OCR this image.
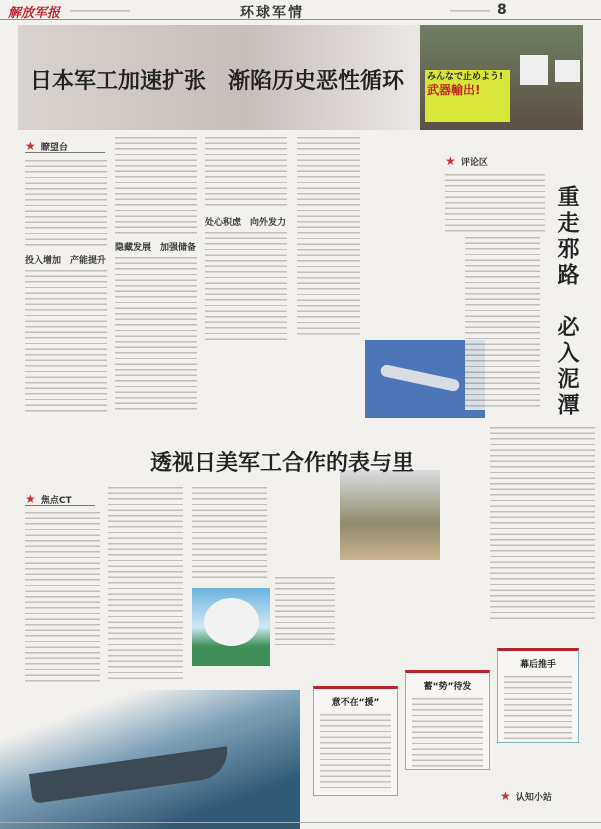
解放军报	环球军情	8
日本军工加速扩张　渐陷历史恶性循环	みんなで止めよう!
武器輸出!
★ 瞭望台
投入增加　产能提升
隐藏发展　加强储备
处心积虑　向外发力
★ 评论区
重走邪路　必入泥潭
透视日美军工合作的表与里
★ 焦点CT
意不在“援”
蓄“势”待发
幕后推手
★ 认知小站
